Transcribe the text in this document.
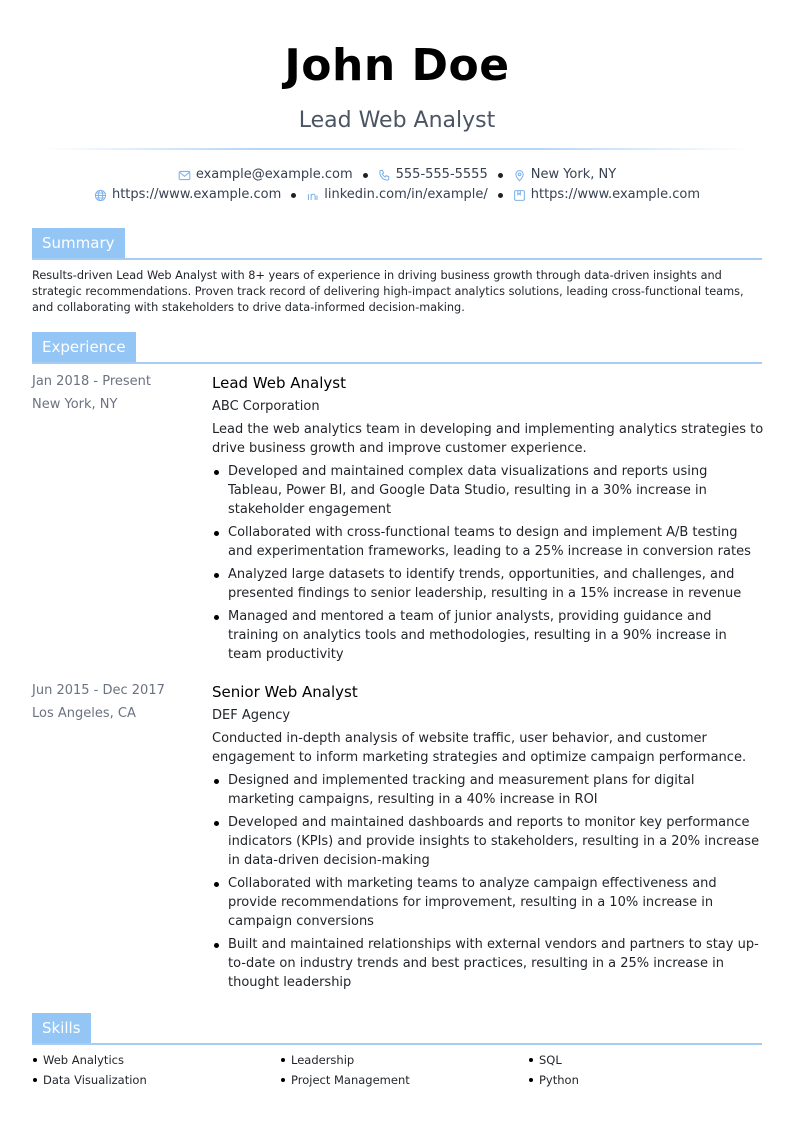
John Doe
Lead Web Analyst
example@example.com	555-555-5555	New York, NY
https://www.example.com	linkedin.com/in/example/	https://www.example.com
Summary
Results-driven Lead Web Analyst with 8+ years of experience in driving business growth through data-driven insights and strategic recommendations. Proven track record of delivering high-impact analytics solutions, leading cross-functional teams, and collaborating with stakeholders to drive data-informed decision-making.
Experience
Jan 2018 - Present
New York, NY
Lead Web Analyst
ABC Corporation
Lead the web analytics team in developing and implementing analytics strategies to drive business growth and improve customer experience.
Developed and maintained complex data visualizations and reports using Tableau, Power BI, and Google Data Studio, resulting in a 30% increase in stakeholder engagement
Collaborated with cross-functional teams to design and implement A/B testing and experimentation frameworks, leading to a 25% increase in conversion rates
Analyzed large datasets to identify trends, opportunities, and challenges, and presented findings to senior leadership, resulting in a 15% increase in revenue
Managed and mentored a team of junior analysts, providing guidance and training on analytics tools and methodologies, resulting in a 90% increase in team productivity
Jun 2015 - Dec 2017
Los Angeles, CA
Senior Web Analyst
DEF Agency
Conducted in-depth analysis of website traffic, user behavior, and customer engagement to inform marketing strategies and optimize campaign performance.
Designed and implemented tracking and measurement plans for digital marketing campaigns, resulting in a 40% increase in ROI
Developed and maintained dashboards and reports to monitor key performance indicators (KPIs) and provide insights to stakeholders, resulting in a 20% increase in data-driven decision-making
Collaborated with marketing teams to analyze campaign effectiveness and provide recommendations for improvement, resulting in a 10% increase in campaign conversions
Built and maintained relationships with external vendors and partners to stay up-to-date on industry trends and best practices, resulting in a 25% increase in thought leadership
Skills
Web Analytics	Leadership	SQL
Data Visualization	Project Management	Python
